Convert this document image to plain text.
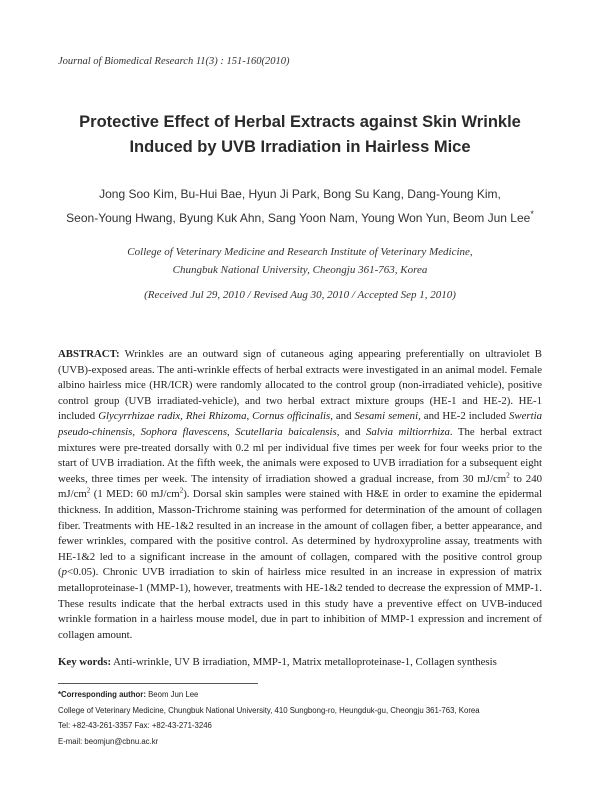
Journal of Biomedical Research 11(3) : 151-160(2010)
Protective Effect of Herbal Extracts against Skin Wrinkle
Induced by UVB Irradiation in Hairless Mice
Jong Soo Kim, Bu-Hui Bae, Hyun Ji Park, Bong Su Kang, Dang-Young Kim,
Seon-Young Hwang, Byung Kuk Ahn, Sang Yoon Nam, Young Won Yun, Beom Jun Lee*
College of Veterinary Medicine and Research Institute of Veterinary Medicine,
Chungbuk National University, Cheongju 361-763, Korea
(Received Jul 29, 2010 / Revised Aug 30, 2010 / Accepted Sep 1, 2010)
ABSTRACT: Wrinkles are an outward sign of cutaneous aging appearing preferentially on ultraviolet B (UVB)-exposed areas. The anti-wrinkle effects of herbal extracts were investigated in an animal model. Female albino hairless mice (HR/ICR) were randomly allocated to the control group (non-irradiated vehicle), positive control group (UVB irradiated-vehicle), and two herbal extract mixture groups (HE-1 and HE-2). HE-1 included Glycyrrhizae radix, Rhei Rhizoma, Cornus officinalis, and Sesami semeni, and HE-2 included Swertia pseudo-chinensis, Sophora flavescens, Scutellaria baicalensis, and Salvia miltiorrhiza. The herbal extract mixtures were pre-treated dorsally with 0.2 ml per individual five times per week for four weeks prior to the start of UVB irradiation. At the fifth week, the animals were exposed to UVB irradiation for a subsequent eight weeks, three times per week. The intensity of irradiation showed a gradual increase, from 30 $mJ/cm^2$ to 240 $mJ/cm^2$ (1 MED: 60 $mJ/cm^2$). Dorsal skin samples were stained with H&E in order to examine the epidermal thickness. In addition, Masson-Trichrome staining was performed for determination of the amount of collagen fiber. Treatments with HE-1&2 resulted in an increase in the amount of collagen fiber, a better appearance, and fewer wrinkles, compared with the positive control. As determined by hydroxyproline assay, treatments with HE-1&2 led to a significant increase in the amount of collagen, compared with the positive control group (p<0.05). Chronic UVB irradiation to skin of hairless mice resulted in an increase in expression of matrix metalloproteinase-1 (MMP-1), however, treatments with HE-1&2 tended to decrease the expression of MMP-1. These results indicate that the herbal extracts used in this study have a preventive effect on UVB-induced wrinkle formation in a hairless mouse model, due in part to inhibition of MMP-1 expression and increment of collagen amount.
Key words: Anti-wrinkle, UV B irradiation, MMP-1, Matrix metalloproteinase-1, Collagen synthesis
*Corresponding author: Beom Jun Lee
College of Veterinary Medicine, Chungbuk National University, 410 Sungbong-ro, Heungduk-gu, Cheongju 361-763, Korea
Tel: +82-43-261-3357 Fax: +82-43-271-3246
E-mail: beomjun@cbnu.ac.kr
